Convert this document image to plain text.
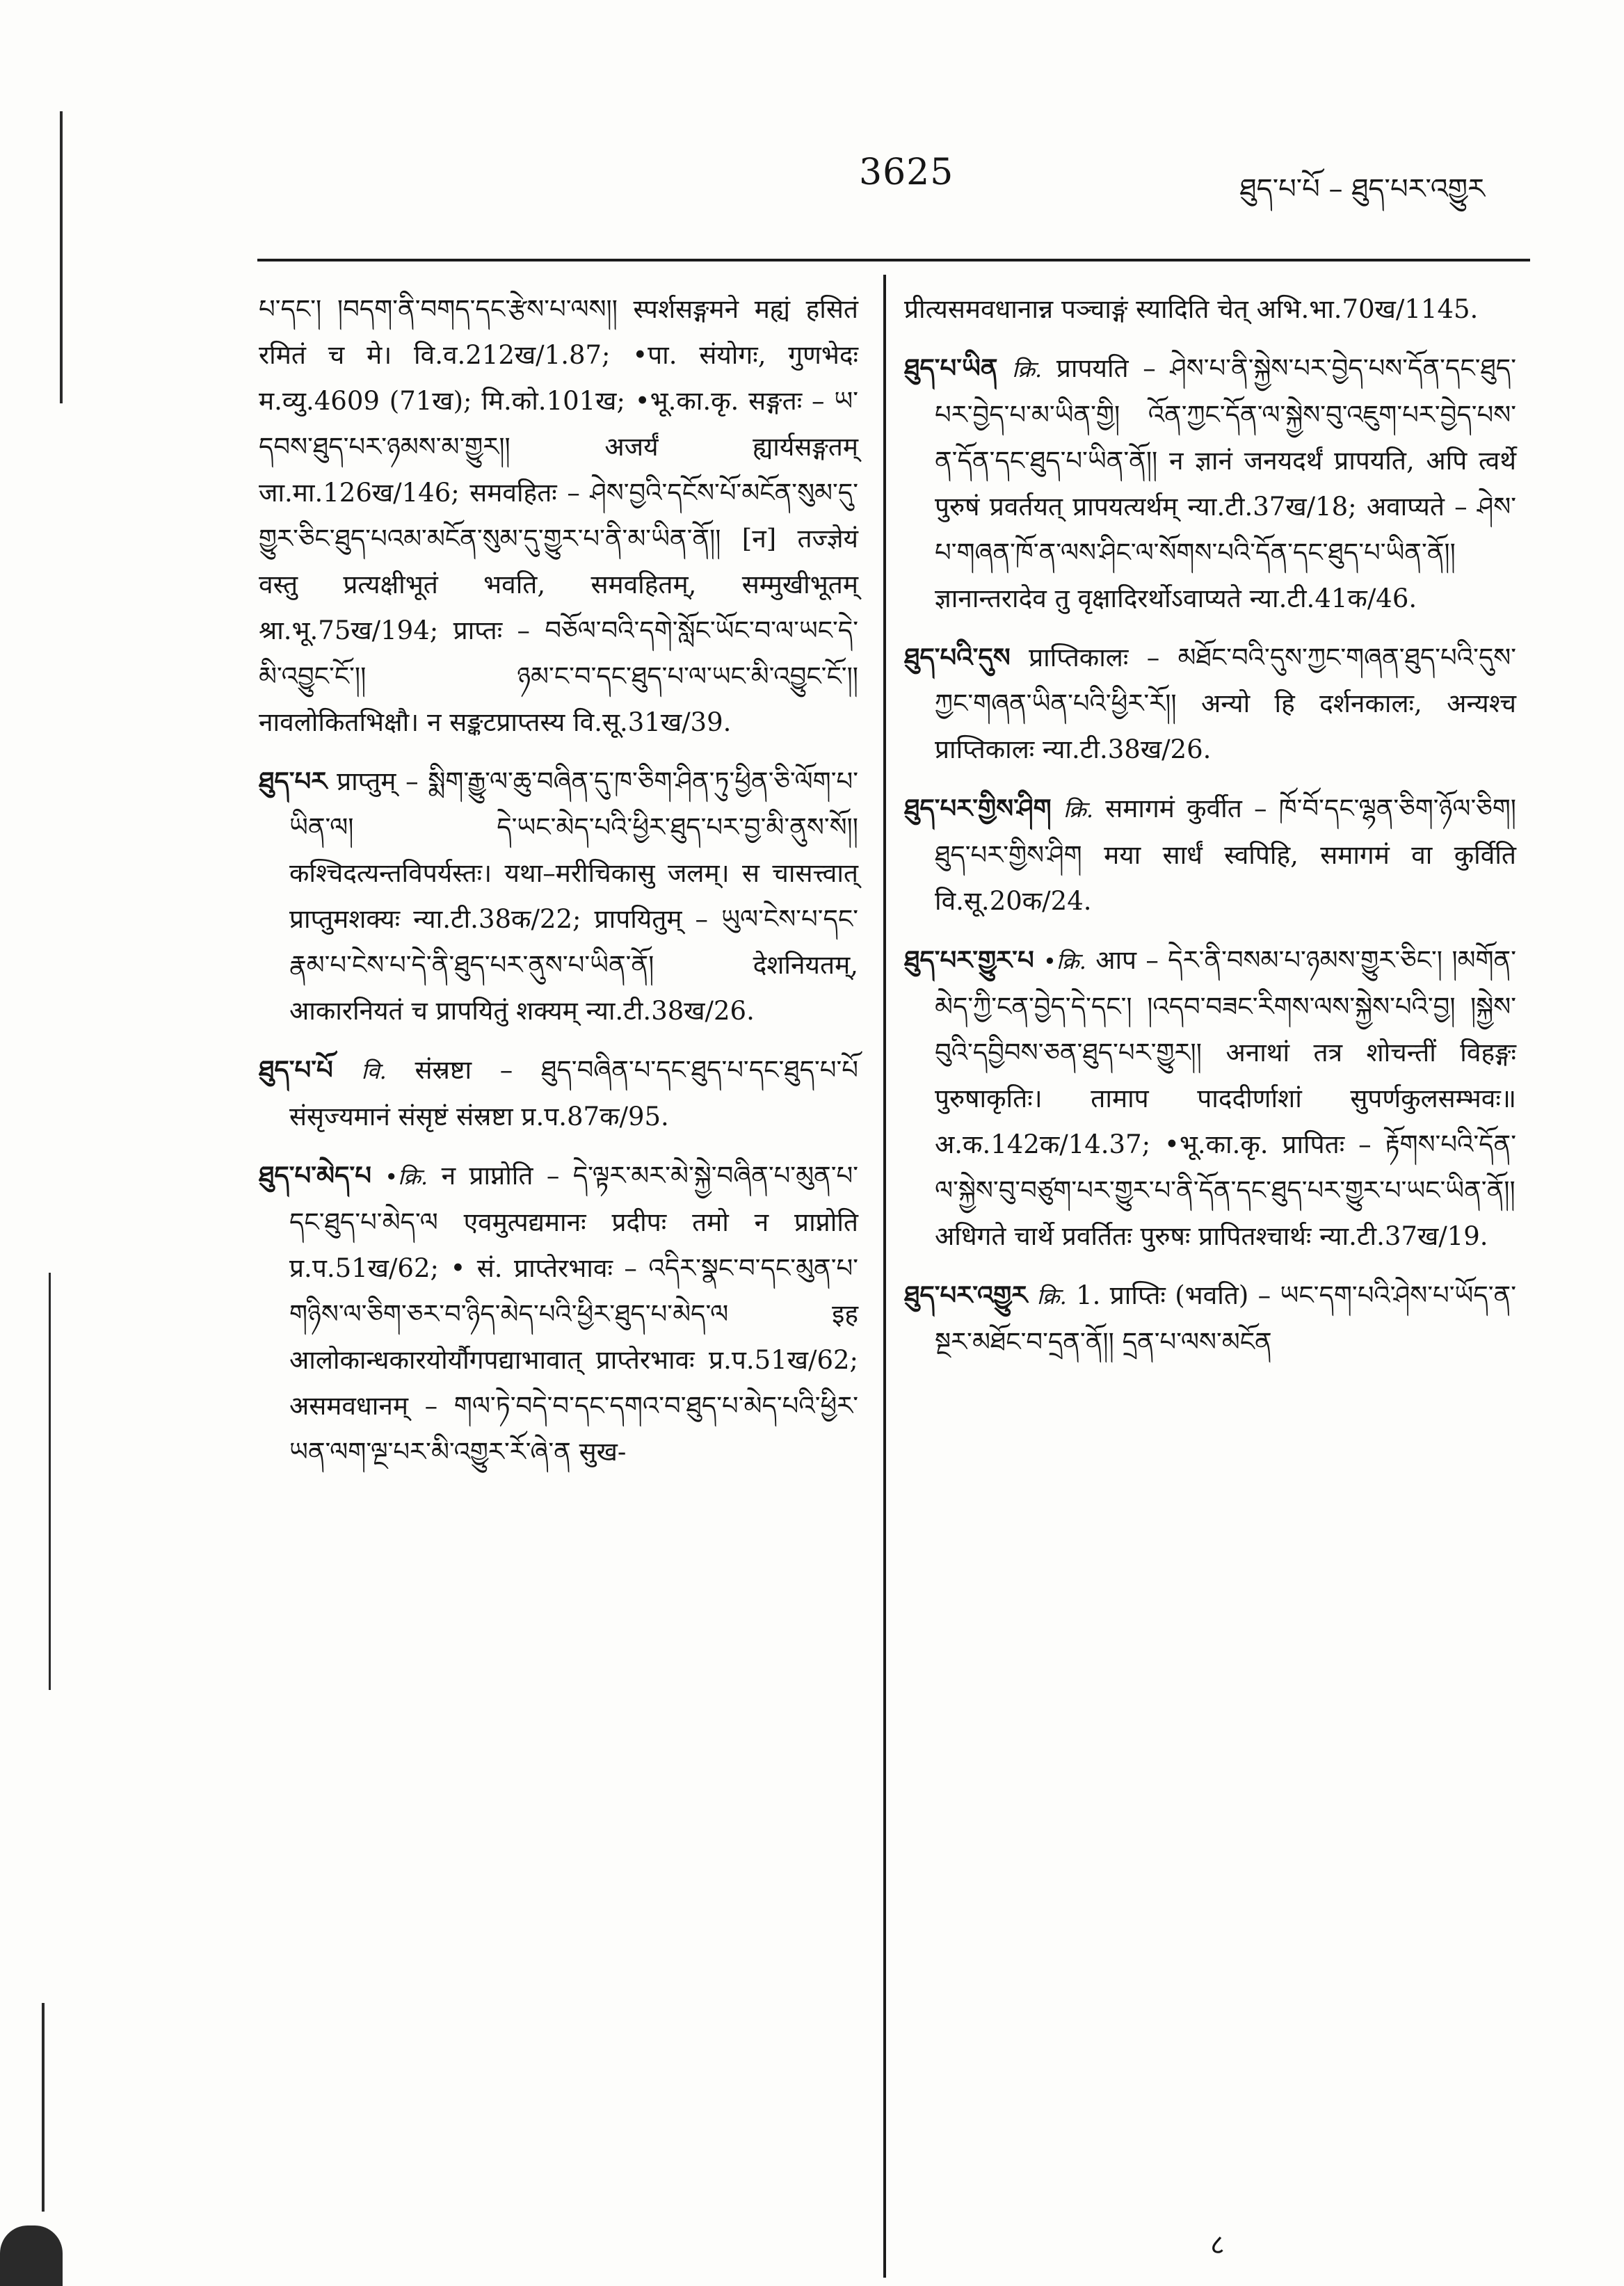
3625	ཐུད་པ་པོ – ཐུད་པར་འགྱུར

པ་དང་། །བདག་ནི་བགད་དང་རྩེས་པ་ལས།། स्पर्शसङ्गमने मह्यं हसितं रमितं च मे। वि.व.212ख/1.87; •पा. संयोगः, गुणभेदः म.व्यु.4609 (71ख); मि.को.101ख; •भू.का.कृ. सङ्गतः – ཡ་དབས་ཐུད་པར་ཉམས་མ་གྱུར།། अजर्यं ह्यार्यसङ्गतम् जा.मा.126ख/146; समवहितः – ཤེས་བྱའི་དངོས་པོ་མངོན་སུམ་དུ་གྱུར་ཅིང་ཐུད་པའམ་མངོན་སུམ་དུ་གྱུར་པ་ནི་མ་ཡིན་ནོ།། [न] तज्ज्ञेयं वस्तु प्रत्यक्षीभूतं भवति, समवहितम्, सम्मुखीभूतम् श्रा.भू.75ख/194; प्राप्तः – བཅོལ་བའི་དགེ་སློང་ཡོང་བ་ལ་ཡང་དེ་མི་འབྱུང་ངོ་།། ཉམ་ང་བ་དང་ཐུད་པ་ལ་ཡང་མི་འབྱུང་ངོ་།། नावलोकितभिक्षौ। न सङ्कटप्राप्तस्य वि.सू.31ख/39.

ཐུད་པར प्राप्तुम् – སྨིག་རྒྱུ་ལ་ཆུ་བཞིན་དུ་ཁ་ཅིག་ཤིན་ཏུ་ཕྱིན་ཅི་ལོག་པ་ཡིན་ལ། དེ་ཡང་མེད་པའི་ཕྱིར་ཐུད་པར་བྱ་མི་ནུས་སོ།། कश्चिदत्यन्तविपर्यस्तः। यथा–मरीचिकासु जलम्। स चासत्त्वात् प्राप्तुमशक्यः न्या.टी.38क/22; प्रापयितुम् – ཡུལ་ངེས་པ་དང་རྣམ་པ་ངེས་པ་དེ་ནི་ཐུད་པར་ནུས་པ་ཡིན་ནོ། देशनियतम्, आकारनियतं च प्रापयितुं शक्यम् न्या.टी.38ख/26.

ཐུད་པ་པོ वि. संस्रष्टा – ཐུད་བཞིན་པ་དང་ཐུད་པ་དང་ཐུད་པ་པོ संसृज्यमानं संसृष्टं संस्रष्टा प्र.प.87क/95.

ཐུད་པ་མེད་པ •क्रि. न प्राप्नोति – དེ་ལྟར་མར་མེ་སྐྱེ་བཞིན་པ་མུན་པ་དང་ཐུད་པ་མེད་ལ एवमुत्पद्यमानः प्रदीपः तमो न प्राप्नोति प्र.प.51ख/62; • सं. प्राप्तेरभावः – འདིར་སྣང་བ་དང་མུན་པ་གཉིས་ལ་ཅིག་ཅར་བ་ཉིད་མེད་པའི་ཕྱིར་ཐུད་པ་མེད་ལ इह आलोकान्धकारयोर्यौगपद्याभावात् प्राप्तेरभावः प्र.प.51ख/62; असमवधानम् – གལ་ཏེ་བདེ་བ་དང་དགའ་བ་ཐུད་པ་མེད་པའི་ཕྱིར་ཡན་ལག་ལྔ་པར་མི་འགྱུར་རོ་ཞེ་ན सुख-

प्रीत्यसमवधानान्न पञ्चाङ्गं स्यादिति चेत् अभि.भा.70ख/1145.

ཐུད་པ་ཡིན क्रि. प्रापयति – ཤེས་པ་ནི་སྐྱེས་པར་བྱེད་པས་དོན་དང་ཐུད་པར་བྱེད་པ་མ་ཡིན་གྱི། འོན་ཀྱང་དོན་ལ་སྐྱེས་བུ་འཇུག་པར་བྱེད་པས་ན་དོན་དང་ཐུད་པ་ཡིན་ནོ།། न ज्ञानं जनयदर्थं प्रापयति, अपि त्वर्थे पुरुषं प्रवर्तयत् प्रापयत्यर्थम् न्या.टी.37ख/18; अवाप्यते – ཤེས་པ་གཞན་ཁོ་ན་ལས་ཤིང་ལ་སོགས་པའི་དོན་དང་ཐུད་པ་ཡིན་ནོ།། ज्ञानान्तरादेव तु वृक्षादिरर्थोऽवाप्यते न्या.टी.41क/46.

ཐུད་པའི་དུས प्राप्तिकालः – མཐོང་བའི་དུས་ཀྱང་གཞན་ཐུད་པའི་དུས་ཀྱང་གཞན་ཡིན་པའི་ཕྱིར་རོ།། अन्यो हि दर्शनकालः, अन्यश्च प्राप्तिकालः न्या.टी.38ख/26.

ཐུད་པར་གྱིས་ཤིག क्रि. समागमं कुर्वीत – ཁོ་བོ་དང་ལྷན་ཅིག་ཉོལ་ཅིག། ཐུད་པར་གྱིས་ཤིག मया सार्धं स्वपिहि, समागमं वा कुर्विति वि.सू.20क/24.

ཐུད་པར་གྱུར་པ •क्रि. आप – དེར་ནི་བསམ་པ་ཉམས་གྱུར་ཅིང་། །མགོན་མེད་ཀྱི་ངན་བྱེད་དེ་དང་། །འདབ་བཟང་རིགས་ལས་སྐྱེས་པའི་བྱ། །སྐྱེས་བུའི་དབྱིབས་ཅན་ཐུད་པར་གྱུར།། अनाथां तत्र शोचन्तीं विहङ्गः पुरुषाकृतिः। तामाप पाददीर्णाशां सुपर्णकुलसम्भवः॥ अ.क.142क/14.37; •भू.का.कृ. प्रापितः – རྟོགས་པའི་དོན་ལ་སྐྱེས་བུ་བཙུག་པར་གྱུར་པ་ནི་དོན་དང་ཐུད་པར་གྱུར་པ་ཡང་ཡིན་ནོ།། अधिगते चार्थे प्रवर्तितः पुरुषः प्रापितश्चार्थः न्या.टी.37ख/19.

ཐུད་པར་འགྱུར क्रि. 1. प्राप्तिः (भवति) – ཡང་དག་པའི་ཤེས་པ་ཡོད་ན་སྔར་མཐོང་བ་དྲན་ནོ།། དྲན་པ་ལས་མངོན

८
